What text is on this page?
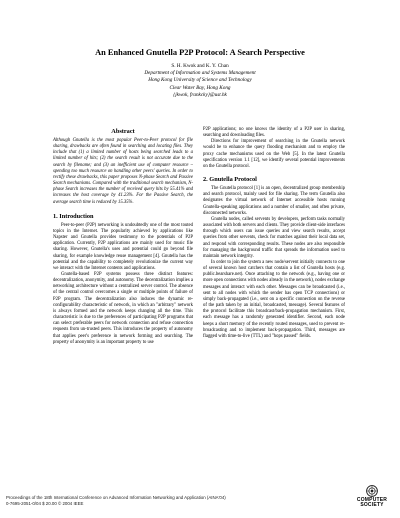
An Enhanced Gnutella P2P Protocol: A Search Perspective
S. H. Kwok and K. Y. Chan
Department of Information and Systems Management
Hong Kong University of Science and Technology
Clear Water Bay, Hong Kong
{jkwok, frankcky}@ust.hk
Abstract

Although Gnutella is the most popular Peer-to-Peer protocol for file sharing, drawbacks are often found in searching and locating files. They include that (1) a limited number of hosts being searched leads to a limited number of hits; (2) the search result is not accurate due to the search by filename; and (3) an inefficient use of computer resource – spending too much resource on handling other peers' queries. In order to rectify these drawbacks, this paper proposes N-phase Search and Passive Search mechanisms. Compared with the traditional search mechanism, N-phase Search increases the number of received query hits by 55.41% and increases the host coverage by 41.23%. For the Passive Search, the average search time is reduced by 15.35%.

1. Introduction

Peer-to-peer (P2P) networking is undoubtedly one of the most touted topics in the Internet. The popularity achieved by applications like Napster and Gnutella provides testimony to the potentials of P2P application. Currently, P2P applications are mainly used for music file sharing. However, Gnutella's uses and potential could go beyond file sharing, for example knowledge reuse management [4]. Gnutella has the potential and the capability to completely revolutionize the current way we interact with the Internet contents and applications.

Gnutella-based P2P systems possess three distinct features: decentralization, anonymity, and autonomy. The decentralization implies a networking architecture without a centralized server control. The absence of the central control overcomes a single or multiple points of failure of P2P program. The decentralization also induces the dynamic re-configurability characteristic of network, in which an "arbitrary" network is always formed and the network keeps changing all the time. This characteristic is due to the preferences of participating P2P programs that can select preferable peers for network connection and refuse connection requests from un-trusted peers. This introduces the property of autonomy that applies peer's preference in network forming and searching. The property of anonymity is an important property to use

P2P applications; no one knows the identity of a P2P user in sharing, searching and downloading files.

Directions for improvement of searching in the Gnutella network would be to enhance the query flooding mechanism and to employ the proxy cache mechanisms used on the Web [5]. In the latest Gnutella specification version 1.1 [12], we identify several potential improvements on the Gnutella protocol.

2. Gnutella Protocol

The Gnutella protocol [1] is an open, decentralized group membership and search protocol, mainly used for file sharing. The term Gnutella also designates the virtual network of Internet accessible hosts running Gnutella-speaking applications and a number of smaller, and often private, disconnected networks.

Gnutella nodes, called servents by developers, perform tasks normally associated with both servers and clients. They provide client-side interfaces through which users can issue queries and view search results, accept queries from other servents, check for matches against their local data set, and respond with corresponding results. These nodes are also responsible for managing the background traffic that spreads the information used to maintain network integrity.

In order to join the system a new node/servent initially connects to one of several known host catchers that contain a list of Gnutella hosts (e.g. public.bearshare.net). Once attaching to the network (e.g., having one or more open connections with nodes already in the network), nodes exchange messages and interact with each other. Messages can be broadcasted (i.e., sent to all nodes with which the sender has open TCP connections) or simply back-propagated (i.e., sent on a specific connection on the reverse of the path taken by an initial, broadcasted, message). Several features of the protocol facilitate this broadcast/back-propagation mechanism. First, each message has a randomly generated identifier. Second, each node keeps a short memory of the recently routed messages, used to prevent re-broadcasting and to implement back-propagation. Third, messages are flagged with time-to-live (TTL) and "hops passed" fields.

Proceedings of the 18th International Conference on Advanced Information Networking and Application (AINA'04)
0-7695-2051-0/04 $ 20.00 © 2004 IEEE
COMPUTER
SOCIETY
